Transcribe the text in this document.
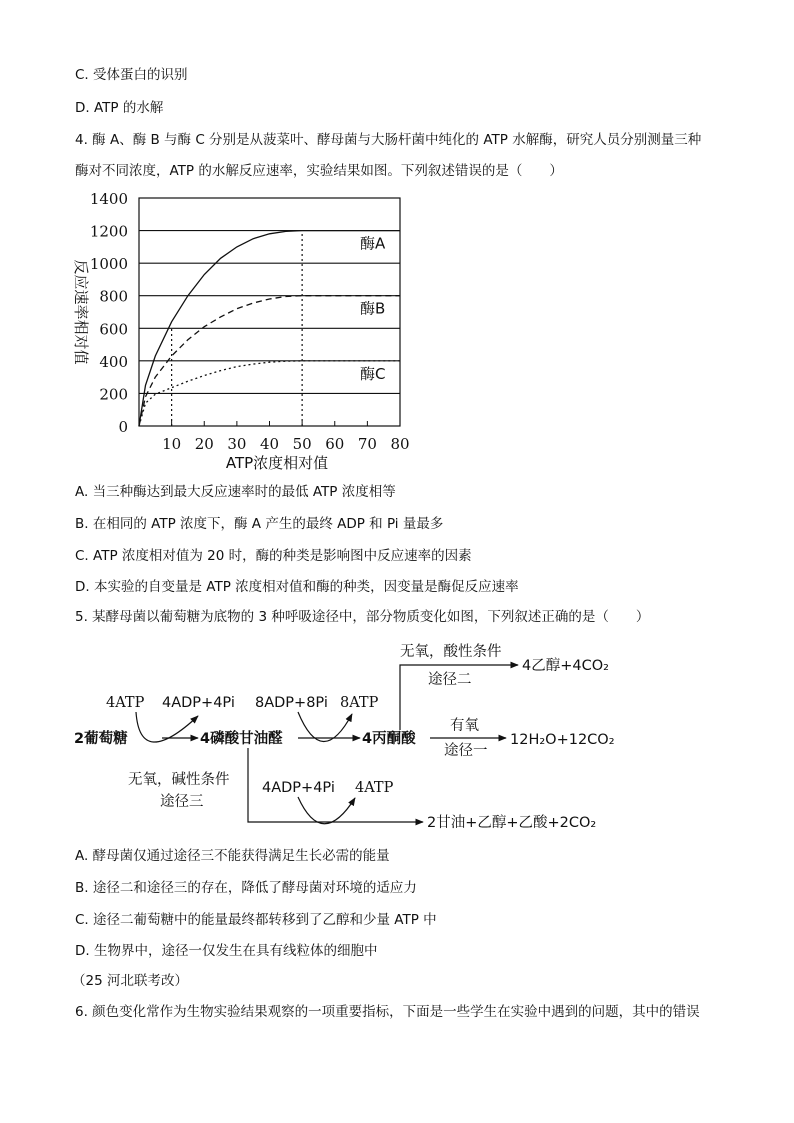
C. 受体蛋白的识别
D. ATP 的水解
4. 酶 A、酶 B 与酶 C 分别是从菠菜叶、酵母菌与大肠杆菌中纯化的 ATP 水解酶，研究人员分别测量三种
酶对不同浓度，ATP 的水解反应速率，实验结果如图。下列叙述错误的是（　　）
酶A
酶B
酶C
0
200
400
600
800
1000
1200
1400
10 20 30 40 50 60 70 80
反应速率相对值
ATP浓度相对值
A. 当三种酶达到最大反应速率时的最低 ATP 浓度相等
B. 在相同的 ATP 浓度下，酶 A 产生的最终 ADP 和 Pi 量最多
C. ATP 浓度相对值为 20 时，酶的种类是影响图中反应速率的因素
D. 本实验的自变量是 ATP 浓度相对值和酶的种类，因变量是酶促反应速率
5. 某酵母菌以葡萄糖为底物的 3 种呼吸途径中，部分物质变化如图，下列叙述正确的是（　　）
4ATP 4ADP+4Pi 8ADP+8Pi 8ATP
2葡萄糖	4磷酸甘油醛	4丙酮酸
无氧，酸性条件
途径二
4乙醇+4CO₂
有氧
途径一
12H₂O+12CO₂
无氧，碱性条件
途径三
4ADP+4Pi 4ATP
2甘油+乙醇+乙酸+2CO₂
A. 酵母菌仅通过途径三不能获得满足生长必需的能量
B. 途径二和途径三的存在，降低了酵母菌对环境的适应力
C. 途径二葡萄糖中的能量最终都转移到了乙醇和少量 ATP 中
D. 生物界中，途径一仅发生在具有线粒体的细胞中
（25 河北联考改）
6. 颜色变化常作为生物实验结果观察的一项重要指标，下面是一些学生在实验中遇到的问题，其中的错误
